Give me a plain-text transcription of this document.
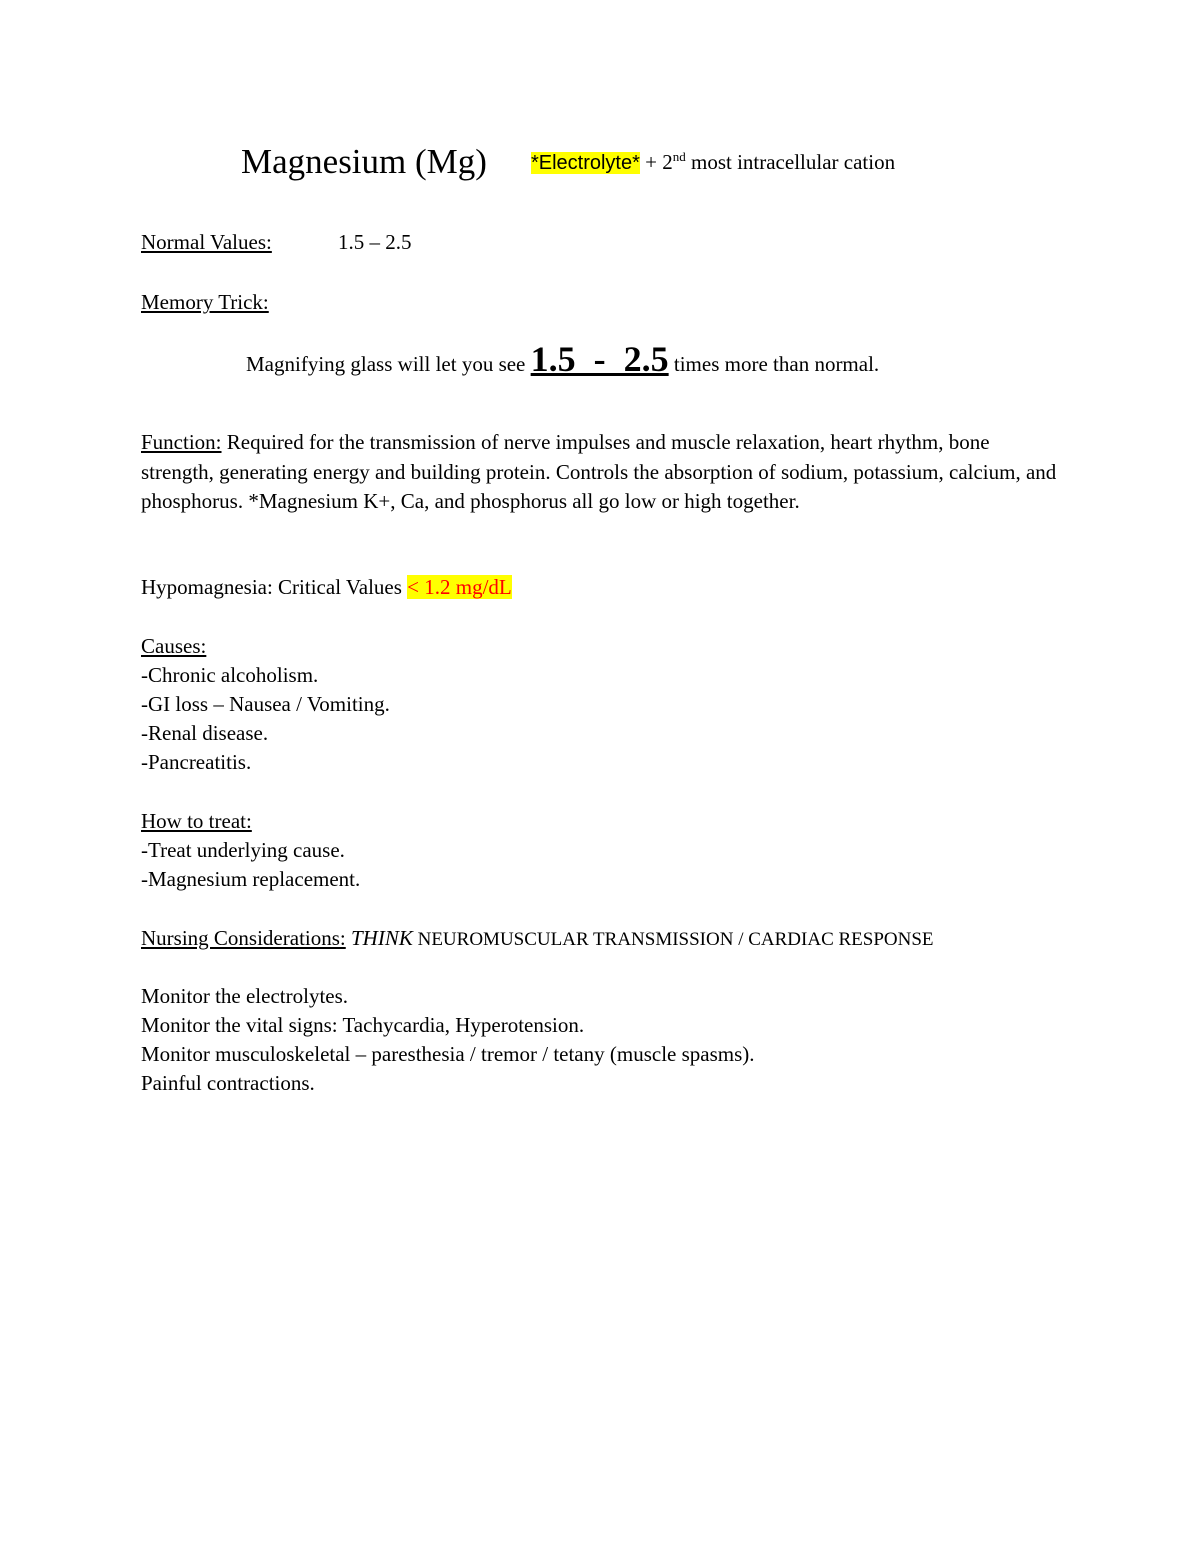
Magnesium (Mg) *Electrolyte* + 2nd most intracellular cation
Normal Values:	1.5 – 2.5
Memory Trick:
Magnifying glass will let you see 1.5  -  2.5 times more than normal.
Function: Required for the transmission of nerve impulses and muscle relaxation, heart rhythm, bone strength, generating energy and building protein. Controls the absorption of sodium, potassium, calcium, and phosphorus. *Magnesium K+, Ca, and phosphorus all go low or high together.
Hypomagnesia: Critical Values < 1.2 mg/dL
Causes:
-Chronic alcoholism.
-GI loss – Nausea / Vomiting.
-Renal disease.
-Pancreatitis.
How to treat:
-Treat underlying cause.
-Magnesium replacement.
Nursing Considerations: THINK NEUROMUSCULAR TRANSMISSION / CARDIAC RESPONSE
Monitor the electrolytes.
Monitor the vital signs: Tachycardia, Hyperotension.
Monitor musculoskeletal – paresthesia / tremor / tetany (muscle spasms).
Painful contractions.
